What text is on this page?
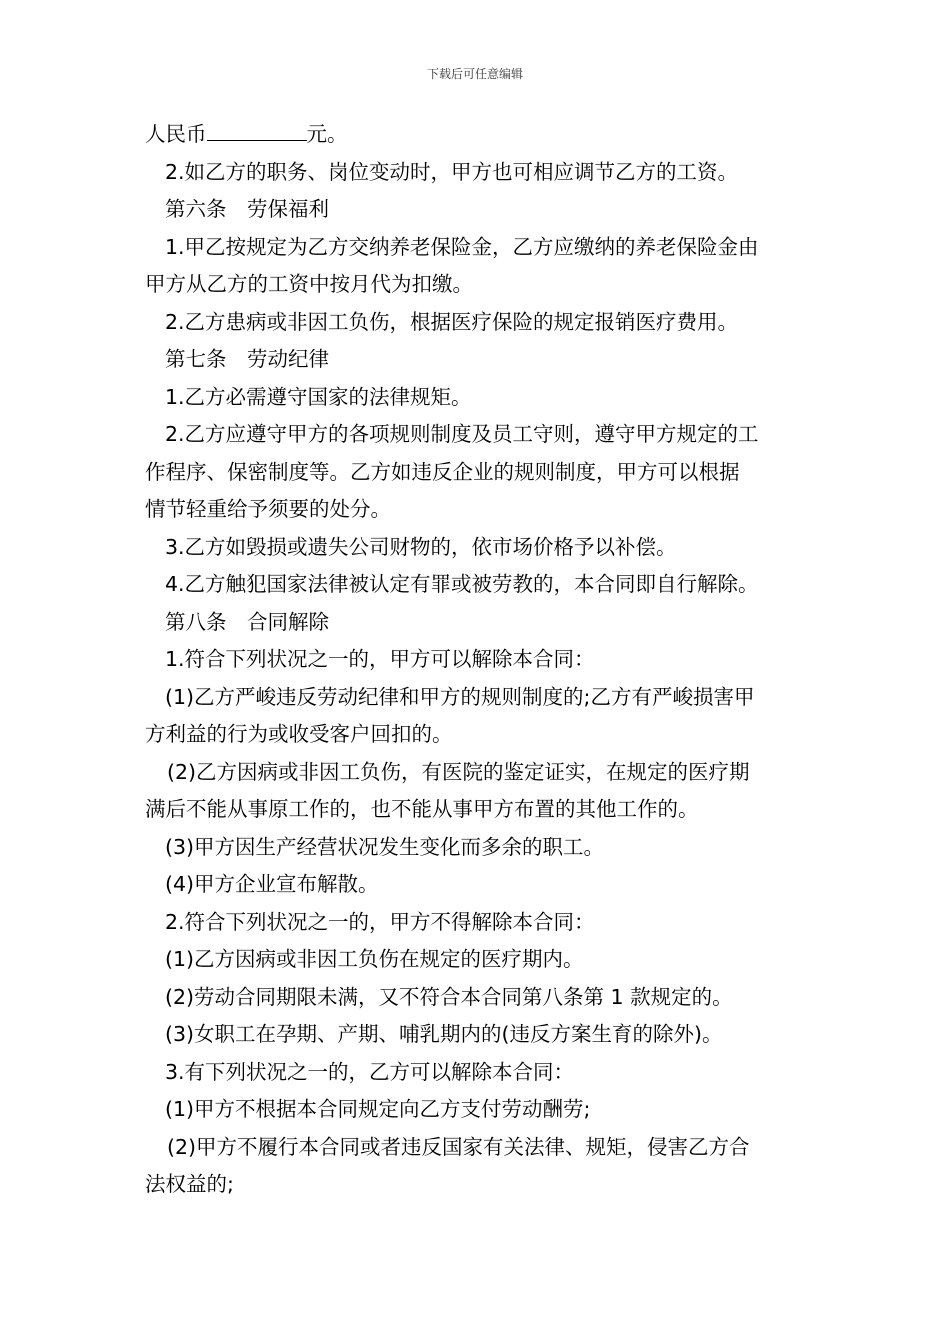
下载后可任意编辑
人民币	元。
2.如乙方的职务、岗位变动时，甲方也可相应调节乙方的工资。
第六条　劳保福利
1.甲乙按规定为乙方交纳养老保险金，乙方应缴纳的养老保险金由
甲方从乙方的工资中按月代为扣缴。
2.乙方患病或非因工负伤，根据医疗保险的规定报销医疗费用。
第七条　劳动纪律
1.乙方必需遵守国家的法律规矩。
2.乙方应遵守甲方的各项规则制度及员工守则，遵守甲方规定的工
作程序、保密制度等。乙方如违反企业的规则制度，甲方可以根据
情节轻重给予须要的处分。
3.乙方如毁损或遗失公司财物的，依市场价格予以补偿。
4.乙方触犯国家法律被认定有罪或被劳教的，本合同即自行解除。
第八条　合同解除
1.符合下列状况之一的，甲方可以解除本合同：
(1)乙方严峻违反劳动纪律和甲方的规则制度的;乙方有严峻损害甲
方利益的行为或收受客户回扣的。
(2)乙方因病或非因工负伤，有医院的鉴定证实，在规定的医疗期
满后不能从事原工作的，也不能从事甲方布置的其他工作的。
(3)甲方因生产经营状况发生变化而多余的职工。
(4)甲方企业宣布解散。
2.符合下列状况之一的，甲方不得解除本合同：
(1)乙方因病或非因工负伤在规定的医疗期内。
(2)劳动合同期限未满，又不符合本合同第八条第 1 款规定的。
(3)女职工在孕期、产期、哺乳期内的(违反方案生育的除外)。
3.有下列状况之一的，乙方可以解除本合同：
(1)甲方不根据本合同规定向乙方支付劳动酬劳;
(2)甲方不履行本合同或者违反国家有关法律、规矩，侵害乙方合
法权益的;
